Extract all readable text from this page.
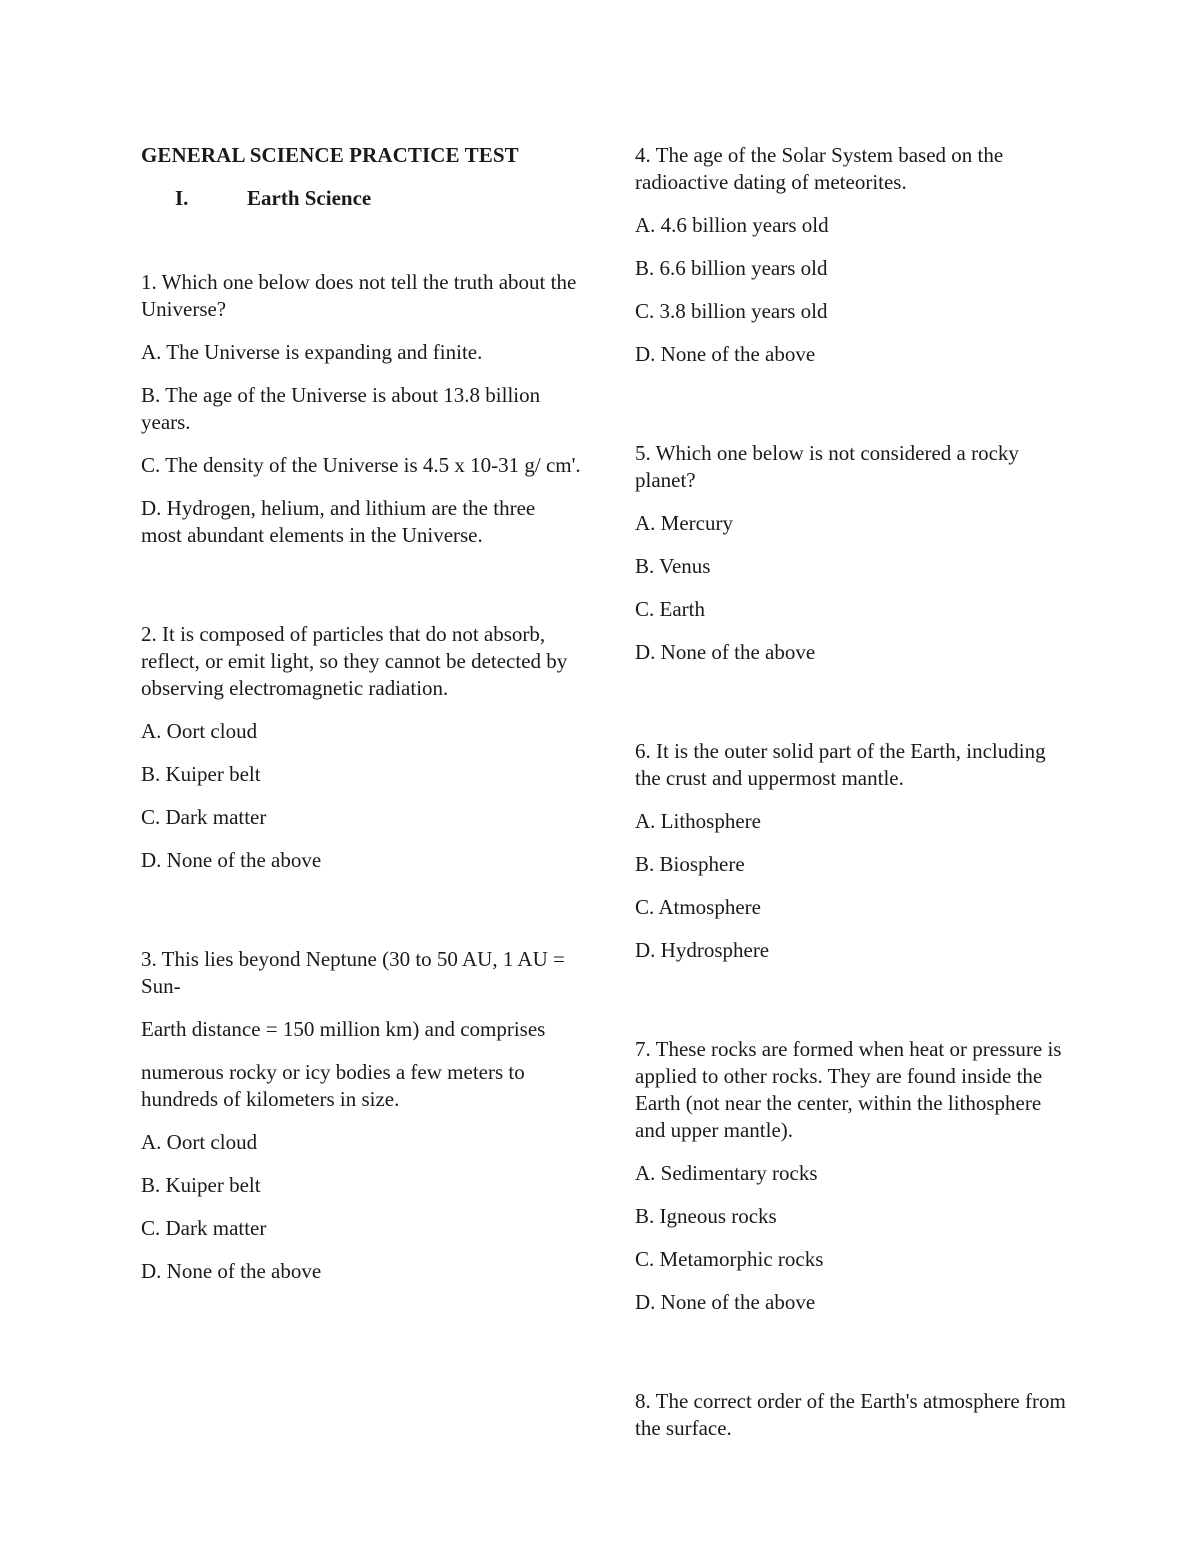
GENERAL SCIENCE PRACTICE TEST

I.	Earth Science

1. Which one below does not tell the truth about the Universe?

A. The Universe is expanding and finite.

B. The age of the Universe is about 13.8 billion years.

C. The density of the Universe is 4.5 x 10-31 g/ cm'.

D. Hydrogen, helium, and lithium are the three most abundant elements in the Universe.

2. It is composed of particles that do not absorb, reflect, or emit light, so they cannot be detected by observing electromagnetic radiation.

A. Oort cloud

B. Kuiper belt

C. Dark matter

D. None of the above

3. This lies beyond Neptune (30 to 50 AU, 1 AU = Sun-

Earth distance = 150 million km) and comprises

numerous rocky or icy bodies a few meters to hundreds of kilometers in size.

A. Oort cloud

B. Kuiper belt

C. Dark matter

D. None of the above

4. The age of the Solar System based on the radioactive dating of meteorites.

A. 4.6 billion years old

B. 6.6 billion years old

C. 3.8 billion years old

D. None of the above

5. Which one below is not considered a rocky planet?

A. Mercury

B. Venus

C. Earth

D. None of the above

6. It is the outer solid part of the Earth, including the crust and uppermost mantle.

A. Lithosphere

B. Biosphere

C. Atmosphere

D. Hydrosphere

7. These rocks are formed when heat or pressure is applied to other rocks. They are found inside the Earth (not near the center, within the lithosphere and upper mantle).

A. Sedimentary rocks

B. Igneous rocks

C. Metamorphic rocks

D. None of the above

8. The correct order of the Earth's atmosphere from the surface.
